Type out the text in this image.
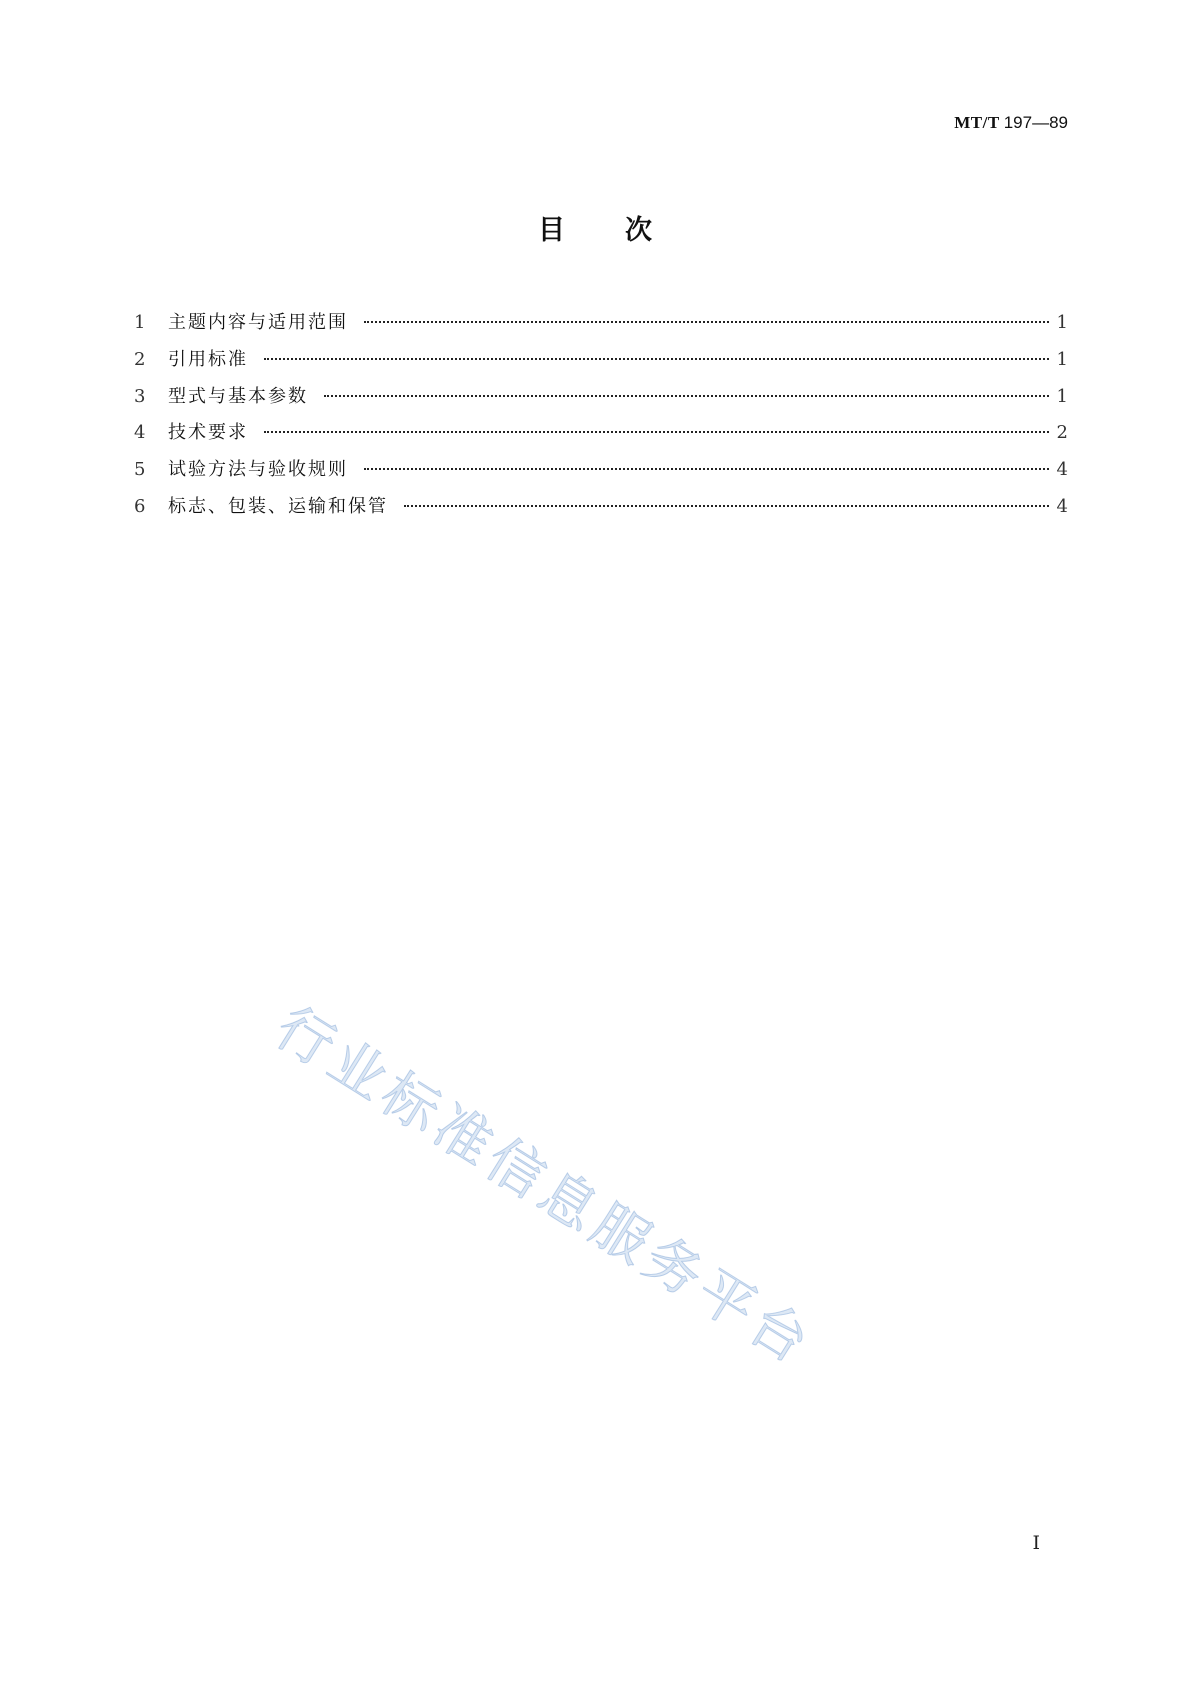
MT/T 197—89
目次
1	主题内容与适用范围	1
2	引用标准	1
3	型式与基本参数	1
4	技术要求	2
5	试验方法与验收规则	4
6	标志、包装、运输和保管	4
行业标准信息服务平台
I
